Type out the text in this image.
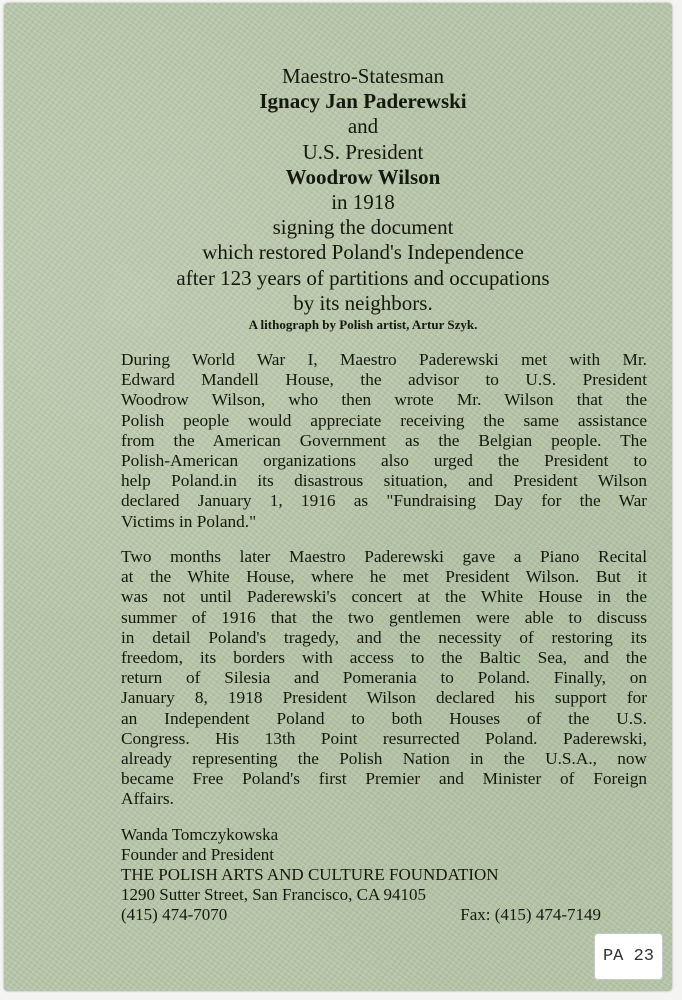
Maestro-Statesman
Ignacy Jan Paderewski
and
U.S. President
Woodrow Wilson
in 1918
signing the document
which restored Poland's Independence
after 123 years of partitions and occupations
by its neighbors.
A lithograph by Polish artist, Artur Szyk.
During World War I, Maestro Paderewski met with Mr.
Edward Mandell House, the advisor to U.S. President
Woodrow Wilson, who then wrote Mr. Wilson that the
Polish people would appreciate receiving the same assistance
from the American Government as the Belgian people. The
Polish-American organizations also urged the President to
help Poland.in its disastrous situation, and President Wilson
declared January 1, 1916 as "Fundraising Day for the War
Victims in Poland."
Two months later Maestro Paderewski gave a Piano Recital
at the White House, where he met President Wilson. But it
was not until Paderewski's concert at the White House in the
summer of 1916 that the two gentlemen were able to discuss
in detail Poland's tragedy, and the necessity of restoring its
freedom, its borders with access to the Baltic Sea, and the
return of Silesia and Pomerania to Poland. Finally, on
January 8, 1918 President Wilson declared his support for
an Independent Poland to both Houses of the U.S.
Congress. His 13th Point resurrected Poland. Paderewski,
already representing the Polish Nation in the U.S.A., now
became Free Poland's first Premier and Minister of Foreign
Affairs.
Wanda Tomczykowska
Founder and President
THE POLISH ARTS AND CULTURE FOUNDATION
1290 Sutter Street, San Francisco, CA 94105
(415) 474-7070	Fax: (415) 474-7149
PA 23
